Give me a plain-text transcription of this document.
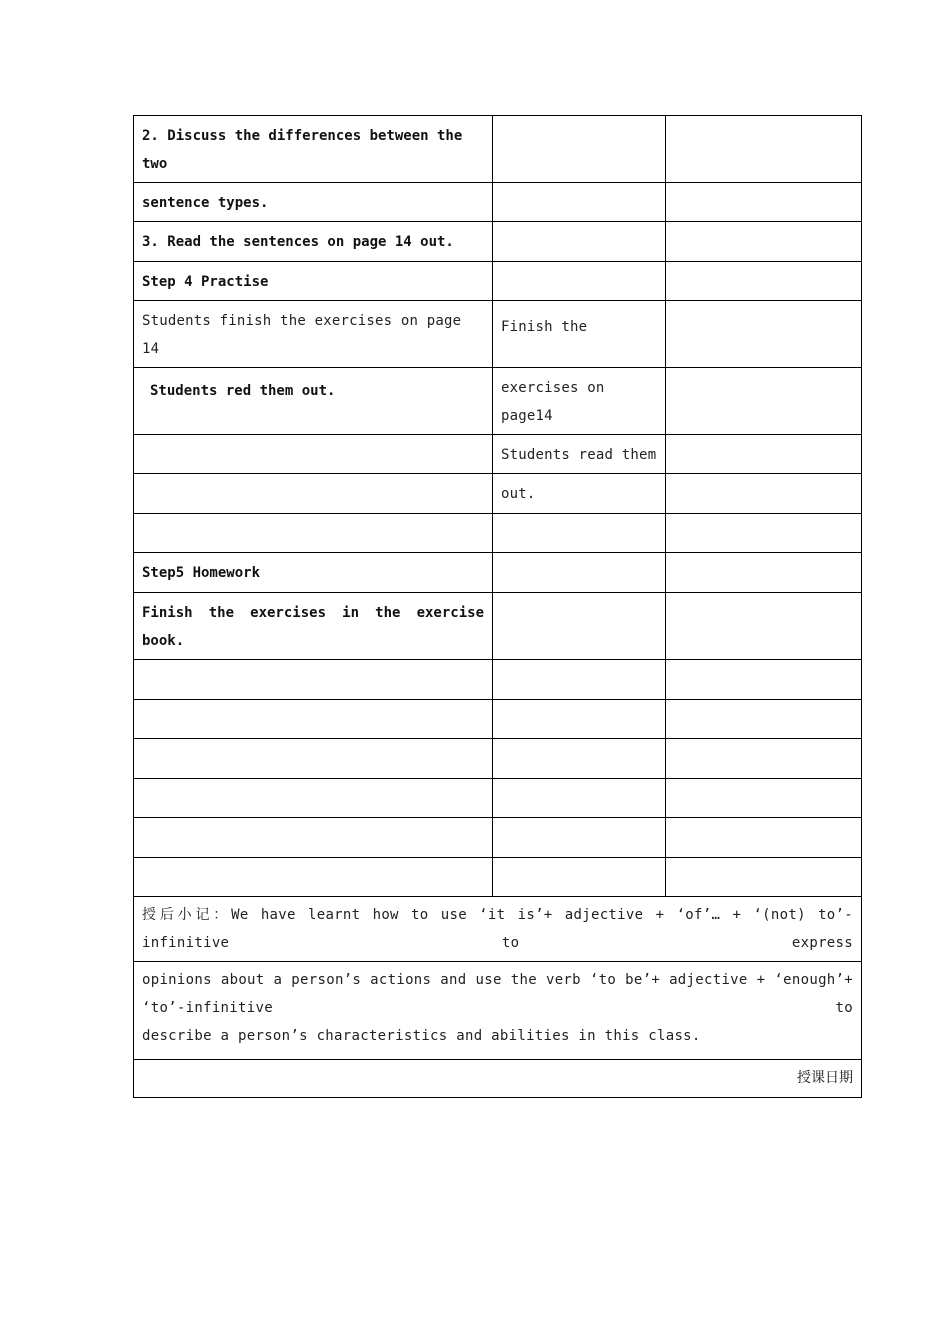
2. Discuss the differences between the two		
sentence types.		
3. Read the sentences on page 14 out.		
Step 4 Practise		
Students finish the exercises on page 14	Finish the	
Students red them out.	exercises on page14	
	Students read them	
	out.	

Step5 Homework		
Finish the exercises in the exercise book.		

授后小记：We have learnt how to use ‘it is’+ adjective + ‘of’… + ‘(not) to’-infinitive to express		

opinions about a person’s actions and use the verb ‘to be’+ adjective + ‘enough’+ ‘to’-infinitive to
describe a person’s characteristics and abilities in this class.		

授课日期		
